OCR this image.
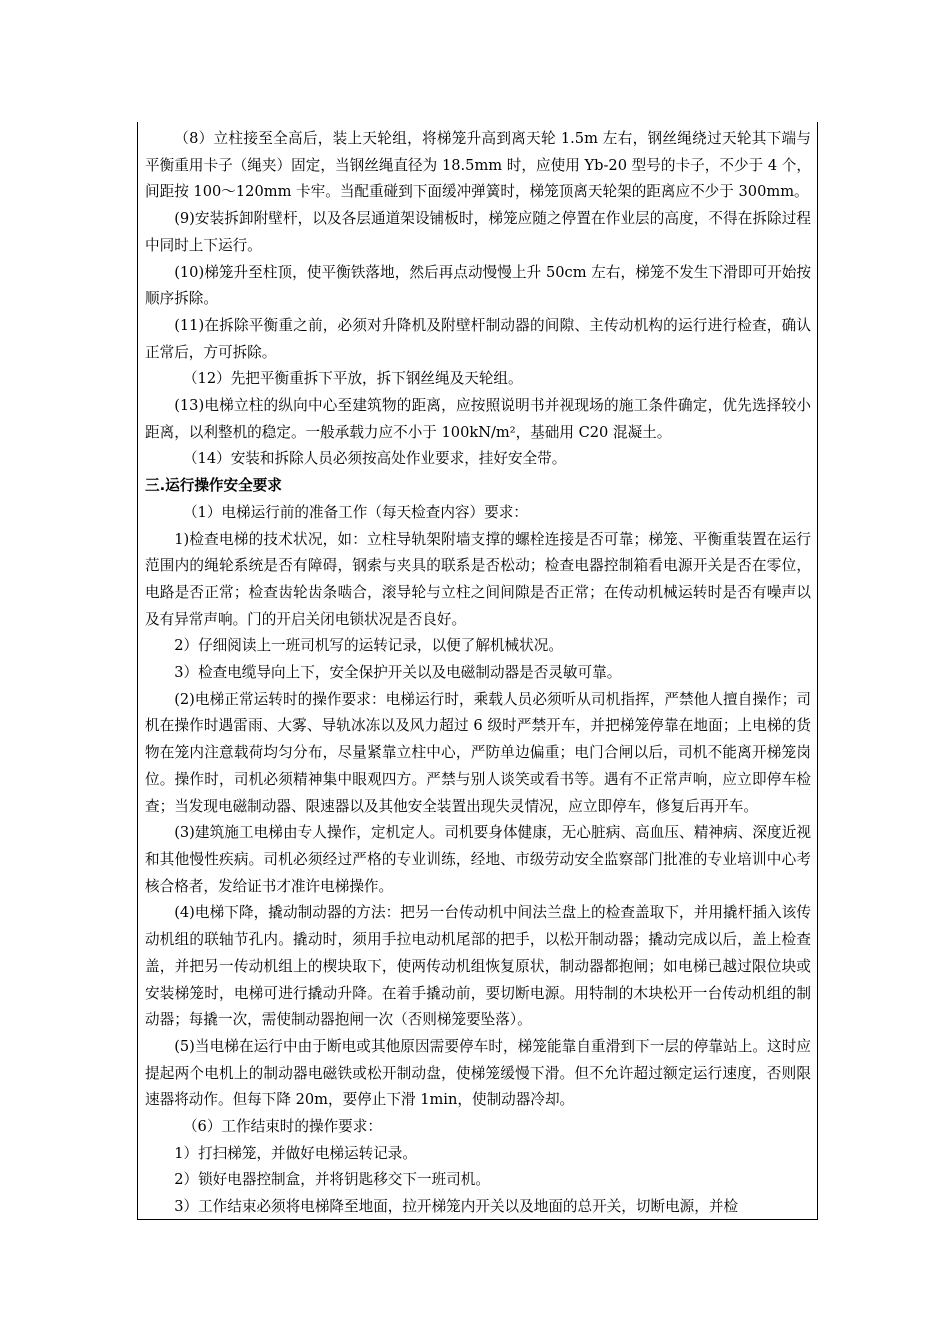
（8）立柱接至全高后，装上天轮组，将梯笼升高到离天轮 1.5m 左右，钢丝绳绕过天轮其下端与平衡重用卡子（绳夹）固定，当钢丝绳直径为 18.5mm 时，应使用 Yb-20 型号的卡子，不少于 4 个，间距按 100～120mm 卡牢。当配重碰到下面缓冲弹簧时，梯笼顶离天轮架的距离应不少于 300mm。

(9)安装拆卸附壁杆，以及各层通道架设铺板时，梯笼应随之停置在作业层的高度，不得在拆除过程中同时上下运行。

(10)梯笼升至柱顶，使平衡铁落地，然后再点动慢慢上升 50cm 左右，梯笼不发生下滑即可开始按顺序拆除。

(11)在拆除平衡重之前，必须对升降机及附壁杆制动器的间隙、主传动机构的运行进行检查，确认正常后，方可拆除。

（12）先把平衡重拆下平放，拆下钢丝绳及天轮组。

(13)电梯立柱的纵向中心至建筑物的距离，应按照说明书并视现场的施工条件确定，优先选择较小距离，以利整机的稳定。一般承载力应不小于 100kN/m²，基础用 C20 混凝土。

（14）安装和拆除人员必须按高处作业要求，挂好安全带。

三.运行操作安全要求

（1）电梯运行前的准备工作（每天检查内容）要求：

1)检查电梯的技术状况，如：立柱导轨架附墙支撑的螺栓连接是否可靠；梯笼、平衡重装置在运行范围内的绳轮系统是否有障碍，钢索与夹具的联系是否松动；检查电器控制箱看电源开关是否在零位，电路是否正常；检查齿轮齿条啮合，滚导轮与立柱之间间隙是否正常；在传动机械运转时是否有噪声以及有异常声响。门的开启关闭电锁状况是否良好。

2）仔细阅读上一班司机写的运转记录，以便了解机械状况。

3）检查电缆导向上下，安全保护开关以及电磁制动器是否灵敏可靠。

(2)电梯正常运转时的操作要求：电梯运行时，乘载人员必须听从司机指挥，严禁他人擅自操作；司机在操作时遇雷雨、大雾、导轨冰冻以及风力超过 6 级时严禁开车，并把梯笼停靠在地面；上电梯的货物在笼内注意载荷均匀分布，尽量紧靠立柱中心，严防单边偏重；电门合闸以后，司机不能离开梯笼岗位。操作时，司机必须精神集中眼观四方。严禁与别人谈笑或看书等。遇有不正常声响，应立即停车检查；当发现电磁制动器、限速器以及其他安全装置出现失灵情况，应立即停车，修复后再开车。

(3)建筑施工电梯由专人操作，定机定人。司机要身体健康，无心脏病、高血压、精神病、深度近视和其他慢性疾病。司机必须经过严格的专业训练，经地、市级劳动安全监察部门批准的专业培训中心考核合格者，发给证书才准许电梯操作。

(4)电梯下降，撬动制动器的方法：把另一台传动机中间法兰盘上的检查盖取下，并用撬杆插入该传动机组的联轴节孔内。撬动时，须用手拉电动机尾部的把手，以松开制动器；撬动完成以后，盖上检查盖，并把另一传动机组上的楔块取下，使两传动机组恢复原状，制动器都抱闸；如电梯已越过限位块或安装梯笼时，电梯可进行撬动升降。在着手撬动前，要切断电源。用特制的木块松开一台传动机组的制动器；每撬一次，需使制动器抱闸一次（否则梯笼要坠落）。

(5)当电梯在运行中由于断电或其他原因需要停车时，梯笼能靠自重滑到下一层的停靠站上。这时应提起两个电机上的制动器电磁铁或松开制动盘，使梯笼缓慢下滑。但不允许超过额定运行速度，否则限速器将动作。但每下降 20m，要停止下滑 1min，使制动器冷却。

（6）工作结束时的操作要求：

1）打扫梯笼，并做好电梯运转记录。

2）锁好电器控制盒，并将钥匙移交下一班司机。

3）工作结束必须将电梯降至地面，拉开梯笼内开关以及地面的总开关，切断电源，并检
